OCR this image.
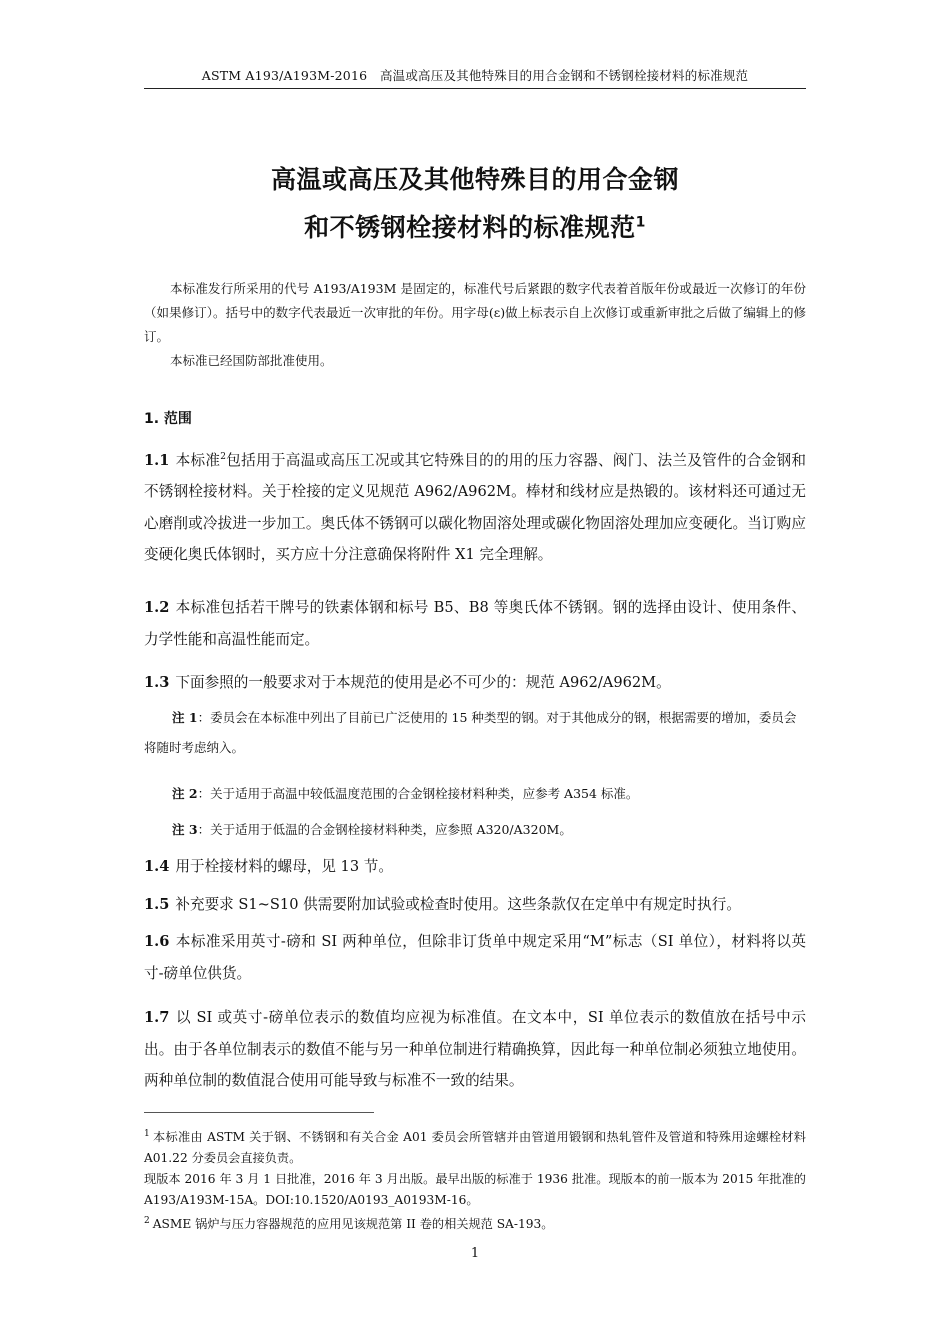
ASTM A193/A193M-2016　高温或高压及其他特殊目的用合金钢和不锈钢栓接材料的标准规范
高温或高压及其他特殊目的用合金钢
和不锈钢栓接材料的标准规范$^1$

本标准发行所采用的代号 A193/A193M 是固定的，标准代号后紧跟的数字代表着首版年份或最近一次修订的年份（如果修订）。括号中的数字代表最近一次审批的年份。用字母(ε)做上标表示自上次修订或重新审批之后做了编辑上的修订。

本标准已经国防部批准使用。

1. 范围
1.1 本标准$^2$包括用于高温或高压工况或其它特殊目的的用的压力容器、阀门、法兰及管件的合金钢和不锈钢栓接材料。关于栓接的定义见规范 A962/A962M。棒材和线材应是热锻的。该材料还可通过无心磨削或冷拔进一步加工。奥氏体不锈钢可以碳化物固溶处理或碳化物固溶处理加应变硬化。当订购应变硬化奥氏体钢时，买方应十分注意确保将附件 X1 完全理解。
1.2 本标准包括若干牌号的铁素体钢和标号 B5、B8 等奥氏体不锈钢。钢的选择由设计、使用条件、力学性能和高温性能而定。
1.3 下面参照的一般要求对于本规范的使用是必不可少的：规范 A962/A962M。

注 1：委员会在本标准中列出了目前已广泛使用的 15 种类型的钢。对于其他成分的钢，根据需要的增加，委员会将随时考虑纳入。

注 2：关于适用于高温中较低温度范围的合金钢栓接材料种类，应参考 A354 标准。

注 3：关于适用于低温的合金钢栓接材料种类，应参照 A320/A320M。

1.4 用于栓接材料的螺母，见 13 节。
1.5 补充要求 S1~S10 供需要附加试验或检查时使用。这些条款仅在定单中有规定时执行。
1.6 本标准采用英寸-磅和 SI 两种单位，但除非订货单中规定采用“M”标志（SI 单位），材料将以英寸-磅单位供货。
1.7 以 SI 或英寸-磅单位表示的数值均应视为标准值。在文本中，SI 单位表示的数值放在括号中示出。由于各单位制表示的数值不能与另一种单位制进行精确换算，因此每一种单位制必须独立地使用。两种单位制的数值混合使用可能导致与标准不一致的结果。

$^1$ 本标准由 ASTM 关于钢、不锈钢和有关合金 A01 委员会所管辖并由管道用锻钢和热轧管件及管道和特殊用途螺栓材料 A01.22 分委员会直接负责。

现版本 2016 年 3 月 1 日批准，2016 年 3 月出版。最早出版的标准于 1936 批准。现版本的前一版本为 2015 年批准的 A193/A193M-15A。DOI:10.1520/A0193_A0193M-16。

$^2$ ASME 锅炉与压力容器规范的应用见该规范第 II 卷的相关规范 SA-193。

1
